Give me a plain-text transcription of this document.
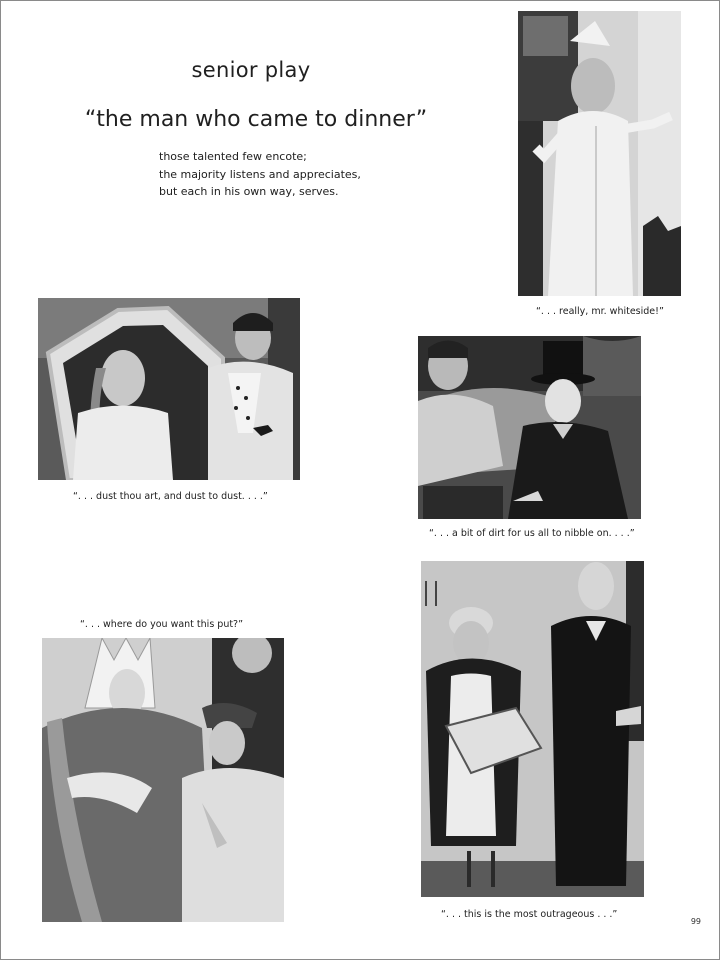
senior play
“the man who came to dinner”
those talented few encote;
the majority listens and appreciates,
but each in his own way, serves.
“. . . really, mr. whiteside!”
“. . . dust thou art, and dust to dust. . . .”
“. . . a bit of dirt for us all to nibble on. . . .”
“. . . where do you want this put?”
“. . . this is the most outrageous . . .”
99
